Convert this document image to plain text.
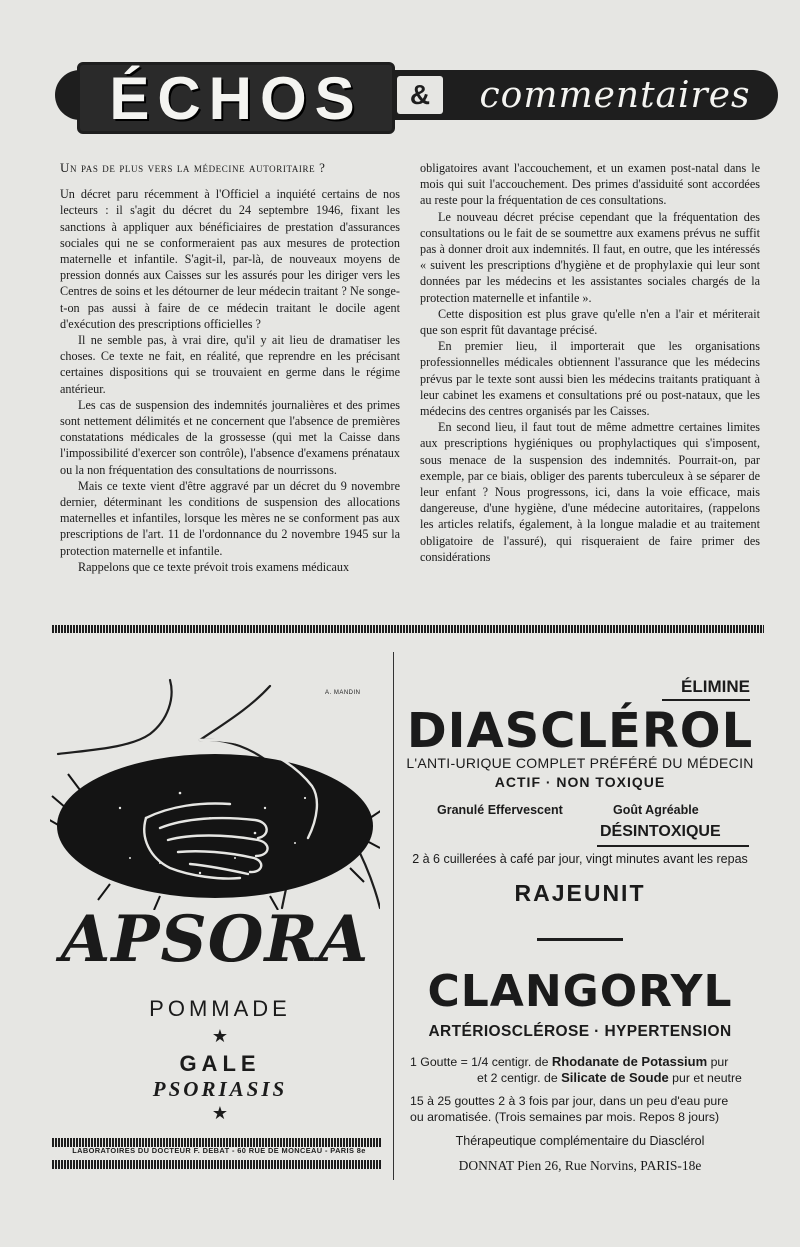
ÉCHOS	&	commentaires
Un pas de plus vers la médecine autoritaire ?

Un décret paru récemment à l'Officiel a inquiété certains de nos lecteurs : il s'agit du décret du 24 septembre 1946, fixant les sanctions à appliquer aux bénéficiaires de prestation d'assurances sociales qui ne se conformeraient pas aux mesures de protection maternelle et infantile. S'agit-il, par-là, de nouveaux moyens de pression donnés aux Caisses sur les assurés pour les diriger vers les Centres de soins et les détourner de leur médecin traitant ? Ne songe-t-on pas aussi à faire de ce médecin traitant le docile agent d'exécution des prescriptions officielles ?

Il ne semble pas, à vrai dire, qu'il y ait lieu de dramatiser les choses. Ce texte ne fait, en réalité, que reprendre en les précisant certaines dispositions qui se trouvaient en germe dans le régime antérieur.

Les cas de suspension des indemnités journalières et des primes sont nettement délimités et ne concernent que l'absence de premières constatations médicales de la grossesse (qui met la Caisse dans l'impossibilité d'exercer son contrôle), l'absence d'examens prénataux ou la non fréquentation des consultations de nourrissons.

Mais ce texte vient d'être aggravé par un décret du 9 novembre dernier, déterminant les conditions de suspension des allocations maternelles et infantiles, lorsque les mères ne se conforment pas aux prescriptions de l'art. 11 de l'ordonnance du 2 novembre 1945 sur la protection maternelle et infantile.

Rappelons que ce texte prévoit trois examens médicaux

obligatoires avant l'accouchement, et un examen post-natal dans le mois qui suit l'accouchement. Des primes d'assiduité sont accordées au reste pour la fréquentation de ces consultations.

Le nouveau décret précise cependant que la fréquentation des consultations ou le fait de se soumettre aux examens prévus ne suffit pas à donner droit aux indemnités. Il faut, en outre, que les intéressés « suivent les prescriptions d'hygiène et de prophylaxie qui leur sont données par les médecins et les assistantes sociales chargés de la protection maternelle et infantile ».

Cette disposition est plus grave qu'elle n'en a l'air et mériterait que son esprit fût davantage précisé.

En premier lieu, il importerait que les organisations professionnelles médicales obtiennent l'assurance que les médecins prévus par le texte sont aussi bien les médecins traitants pratiquant à leur cabinet les examens et consultations pré ou post-nataux, que les médecins des centres organisés par les Caisses.

En second lieu, il faut tout de même admettre certaines limites aux prescriptions hygiéniques ou prophylactiques qui s'imposent, sous menace de la suspension des indemnités. Pourrait-on, par exemple, par ce biais, obliger des parents tuberculeux à se séparer de leur enfant ? Nous progressons, ici, dans la voie efficace, mais dangereuse, d'une hygiène, d'une médecine autoritaires, (rappelons les articles relatifs, également, à la longue maladie et au traitement obligatoire de l'assuré), qui risqueraient de faire primer des considérations

A. MANDIN
APSORA
POMMADE
★
GALE
PSORIASIS
★
LABORATOIRES DU DOCTEUR F. DEBAT - 60 RUE DE MONCEAU - PARIS 8e
ÉLIMINE
DIASCLÉROL
L'ANTI-URIQUE COMPLET PRÉFÉRÉ DU MÉDECIN
ACTIF · NON TOXIQUE
Granulé Effervescent	Goût Agréable
DÉSINTOXIQUE
2 à 6 cuillerées à café par jour, vingt minutes avant les repas
RAJEUNIT
CLANGORYL
ARTÉRIOSCLÉROSE · HYPERTENSION
1 Goutte = 1/4 centigr. de Rhodanate de Potassium pur
et 2 centigr. de Silicate de Soude pur et neutre
15 à 25 gouttes 2 à 3 fois par jour, dans un peu d'eau pure
ou aromatisée. (Trois semaines par mois. Repos 8 jours)
Thérapeutique complémentaire du Diasclérol
DONNAT Pien 26, Rue Norvins, PARIS-18e
